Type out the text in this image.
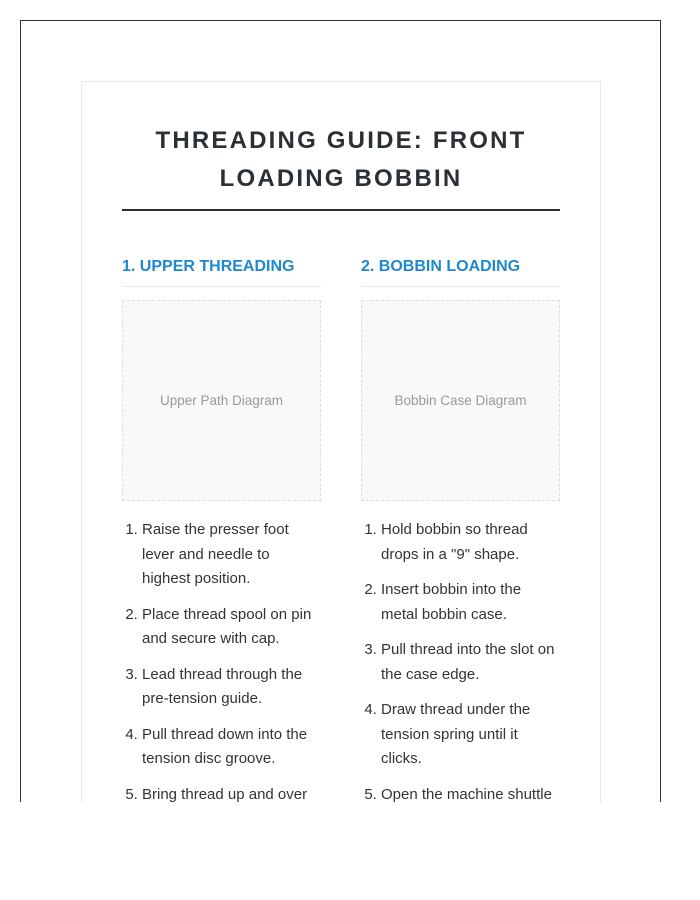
THREADING GUIDE: FRONT LOADING BOBBIN
1. UPPER THREADING
Upper Path Diagram
1. Raise the presser foot lever and needle to highest position.
2. Place thread spool on pin and secure with cap.
3. Lead thread through the pre-tension guide.
4. Pull thread down into the tension disc groove.
5. Bring thread up and over
2. BOBBIN LOADING
Bobbin Case Diagram
1. Hold bobbin so thread drops in a "9" shape.
2. Insert bobbin into the metal bobbin case.
3. Pull thread into the slot on the case edge.
4. Draw thread under the tension spring until it clicks.
5. Open the machine shuttle
